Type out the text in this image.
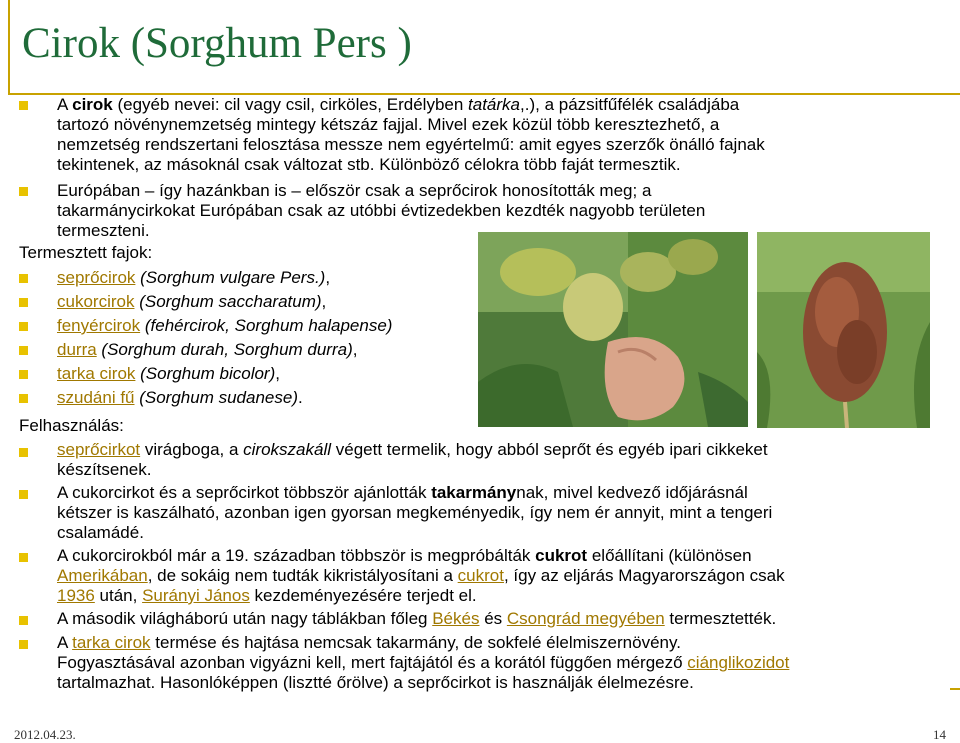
Cirok (Sorghum Pers )
A cirok (egyéb nevei: cil vagy csil, cirköles, Erdélyben tatárka,.), a pázsitfűfélék családjába
tartozó növénynemzetség mintegy kétszáz fajjal. Mivel ezek közül több keresztezhető, a
nemzetség rendszertani felosztása messze nem egyértelmű: amit egyes szerzők önálló fajnak
tekintenek, az másoknál csak változat stb. Különböző célokra több faját termesztik.
Európában – így hazánkban is – először csak a seprőcirok honosították meg; a
takarmánycirkokat Európában csak az utóbbi évtizedekben kezdték nagyobb területen
termeszteni.
Termesztett fajok:
seprőcirok (Sorghum vulgare Pers.),
cukorcirok (Sorghum saccharatum),
fenyércirok (fehércirok, Sorghum halapense)
durra (Sorghum durah, Sorghum durra),
tarka cirok (Sorghum bicolor),
szudáni fű (Sorghum sudanese).
Felhasználás:
seprőcirkot virágboga, a cirokszakáll végett termelik, hogy abból seprőt és egyéb ipari cikkeket
készítsenek.
A cukorcirkot és a seprőcirkot többször ajánlották takarmánynak, mivel kedvező időjárásnál
kétszer is kaszálható, azonban igen gyorsan megkeményedik, így nem ér annyit, mint a tengeri
csalamádé.
A cukorcirokból már a 19. században többször is megpróbálták cukrot előállítani (különösen
Amerikában, de sokáig nem tudták kikristályosítani a cukrot, így az eljárás Magyarországon csak
1936 után, Surányi János kezdeményezésére terjedt el.
A második világháború után nagy táblákban főleg Békés és Csongrád megyében termesztették.
A tarka cirok termése és hajtása nemcsak takarmány, de sokfelé élelmiszernövény.
Fogyasztásával azonban vigyázni kell, mert fajtájától és a korától függően mérgező ciánglikozidot
tartalmazhat. Hasonlóképpen (lisztté őrölve) a seprőcirkot is használják élelmezésre.
2012.04.23.	14
